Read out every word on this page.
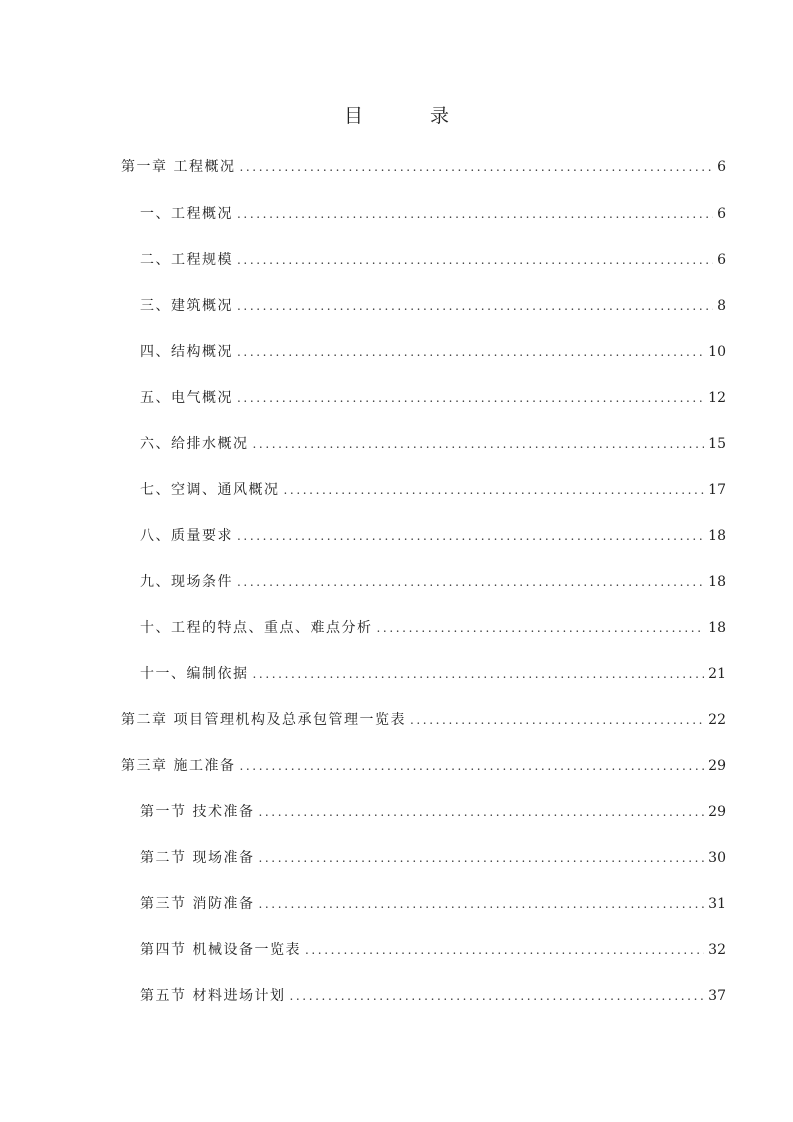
目　录
第一章 工程概况 .....	6
一、工程概况 .....	6
二、工程规模 .....	6
三、建筑概况 .....	8
四、结构概况 .....	10
五、电气概况 .....	12
六、给排水概况 .....	15
七、空调、通风概况 .....	17
八、质量要求 .....	18
九、现场条件 .....	18
十、工程的特点、重点、难点分析 .....	18
十一、编制依据 .....	21
第二章 项目管理机构及总承包管理一览表 .....	22
第三章 施工准备 .....	29
第一节 技术准备 .....	29
第二节 现场准备 .....	30
第三节 消防准备 .....	31
第四节 机械设备一览表 .....	32
第五节 材料进场计划 .....	37
